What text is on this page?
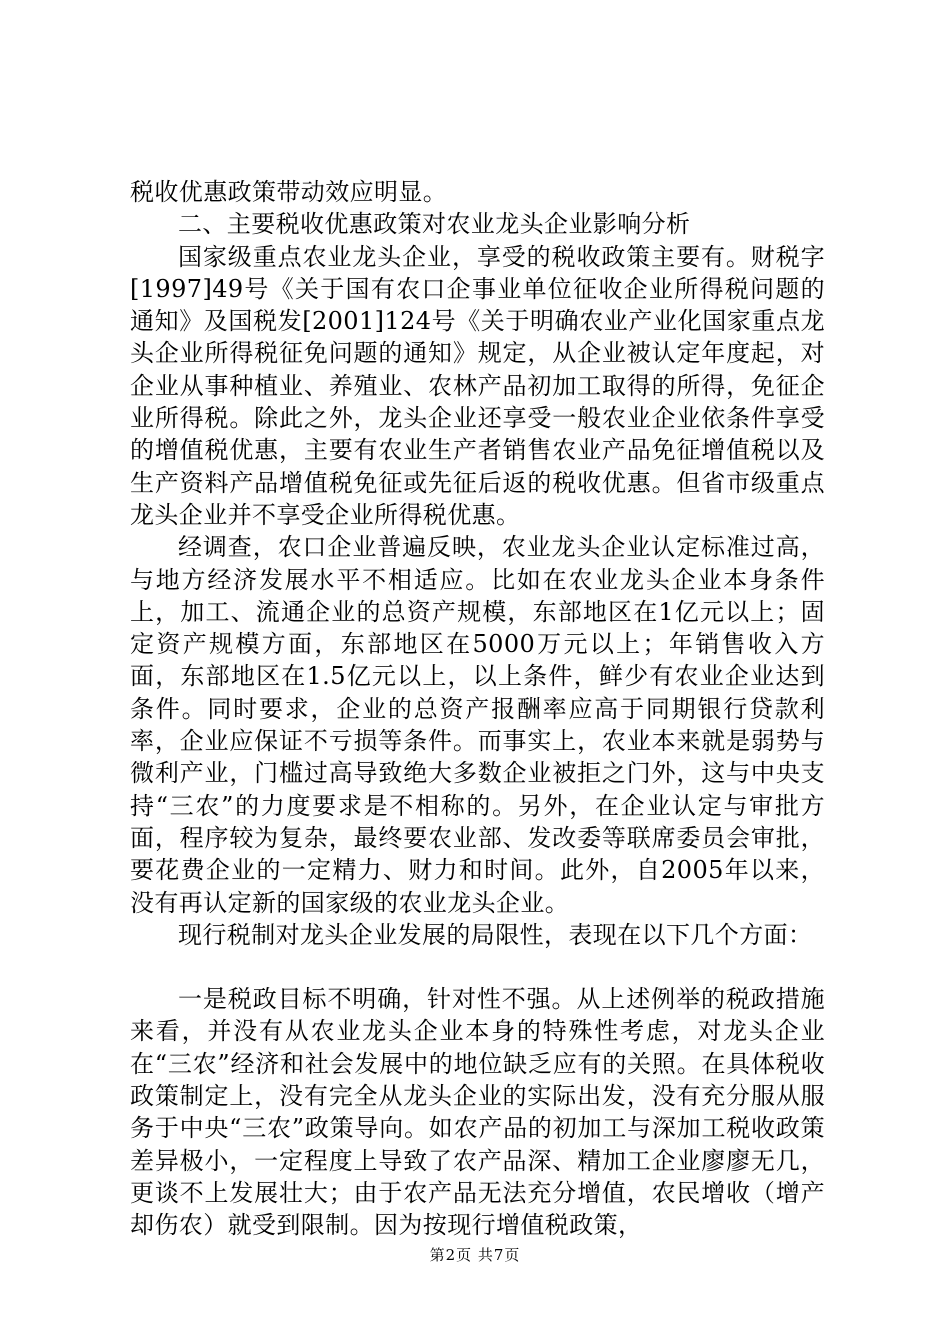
税收优惠政策带动效应明显。

二、主要税收优惠政策对农业龙头企业影响分析

国家级重点农业龙头企业，享受的税收政策主要有。财税字[1997]49号《关于国有农口企事业单位征收企业所得税问题的通知》及国税发[2001]124号《关于明确农业产业化国家重点龙头企业所得税征免问题的通知》规定，从企业被认定年度起，对企业从事种植业、养殖业、农林产品初加工取得的所得，免征企业所得税。除此之外，龙头企业还享受一般农业企业依条件享受的增值税优惠，主要有农业生产者销售农业产品免征增值税以及生产资料产品增值税免征或先征后返的税收优惠。但省市级重点龙头企业并不享受企业所得税优惠。

经调查，农口企业普遍反映，农业龙头企业认定标准过高，与地方经济发展水平不相适应。比如在农业龙头企业本身条件上，加工、流通企业的总资产规模，东部地区在1亿元以上；固定资产规模方面，东部地区在5000万元以上；年销售收入方面，东部地区在1.5亿元以上，以上条件，鲜少有农业企业达到条件。同时要求，企业的总资产报酬率应高于同期银行贷款利率，企业应保证不亏损等条件。而事实上，农业本来就是弱势与微利产业，门槛过高导致绝大多数企业被拒之门外，这与中央支持“三农”的力度要求是不相称的。另外，在企业认定与审批方面，程序较为复杂，最终要农业部、发改委等联席委员会审批，要花费企业的一定精力、财力和时间。此外，自2005年以来，没有再认定新的国家级的农业龙头企业。

现行税制对龙头企业发展的局限性，表现在以下几个方面：

一是税政目标不明确，针对性不强。从上述例举的税政措施来看，并没有从农业龙头企业本身的特殊性考虑，对龙头企业在“三农”经济和社会发展中的地位缺乏应有的关照。在具体税收政策制定上，没有完全从龙头企业的实际出发，没有充分服从服务于中央“三农”政策导向。如农产品的初加工与深加工税收政策差异极小，一定程度上导致了农产品深、精加工企业廖廖无几，更谈不上发展壮大；由于农产品无法充分增值，农民增收（增产却伤农）就受到限制。因为按现行增值税政策，

第2页 共7页
